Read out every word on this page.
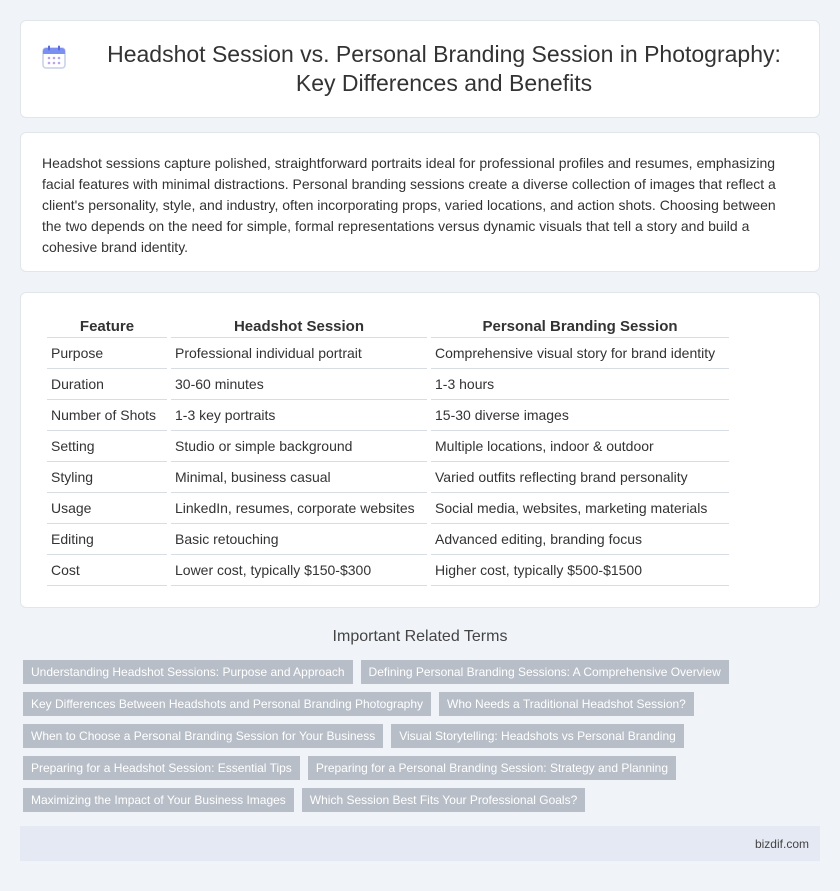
Headshot Session vs. Personal Branding Session in Photography: Key Differences and Benefits

Headshot sessions capture polished, straightforward portraits ideal for professional profiles and resumes, emphasizing facial features with minimal distractions. Personal branding sessions create a diverse collection of images that reflect a client's personality, style, and industry, often incorporating props, varied locations, and action shots. Choosing between the two depends on the need for simple, formal representations versus dynamic visuals that tell a story and build a cohesive brand identity.

Feature	Headshot Session	Personal Branding Session
Purpose	Professional individual portrait	Comprehensive visual story for brand identity
Duration	30-60 minutes	1-3 hours
Number of Shots	1-3 key portraits	15-30 diverse images
Setting	Studio or simple background	Multiple locations, indoor & outdoor
Styling	Minimal, business casual	Varied outfits reflecting brand personality
Usage	LinkedIn, resumes, corporate websites	Social media, websites, marketing materials
Editing	Basic retouching	Advanced editing, branding focus
Cost	Lower cost, typically $150-$300	Higher cost, typically $500-$1500
Important Related Terms
Understanding Headshot Sessions: Purpose and Approach	Defining Personal Branding Sessions: A Comprehensive Overview
Key Differences Between Headshots and Personal Branding Photography	Who Needs a Traditional Headshot Session?
When to Choose a Personal Branding Session for Your Business	Visual Storytelling: Headshots vs Personal Branding
Preparing for a Headshot Session: Essential Tips	Preparing for a Personal Branding Session: Strategy and Planning
Maximizing the Impact of Your Business Images	Which Session Best Fits Your Professional Goals?
bizdif.com
